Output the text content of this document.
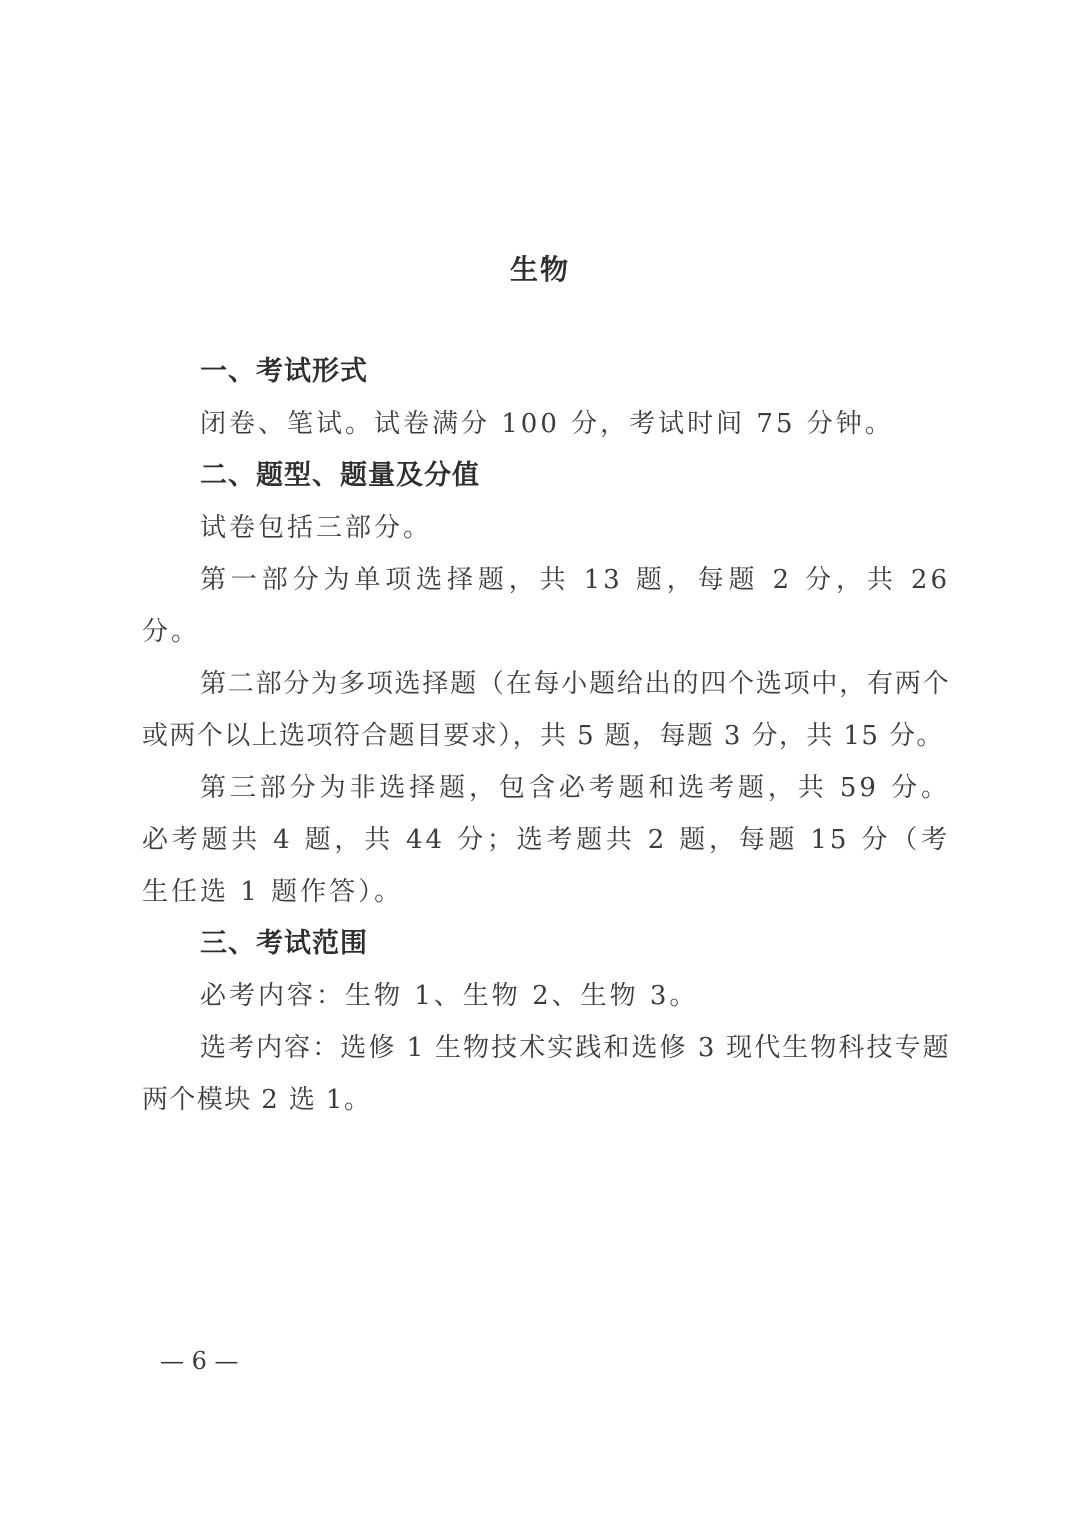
生物
一、考试形式
闭卷、笔试。试卷满分 100 分，考试时间 75 分钟。
二、题型、题量及分值
试卷包括三部分。
第一部分为单项选择题，共 13 题，每题 2 分，共 26 分。
第二部分为多项选择题（在每小题给出的四个选项中，有两个或两个以上选项符合题目要求），共 5 题，每题 3 分，共 15 分。
第三部分为非选择题，包含必考题和选考题，共 59 分。必考题共 4 题，共 44 分；选考题共 2 题，每题 15 分（考生任选 1 题作答）。
三、考试范围
必考内容：生物 1、生物 2、生物 3。
选考内容：选修 1 生物技术实践和选修 3 现代生物科技专题两个模块 2 选 1。
— 6 —
